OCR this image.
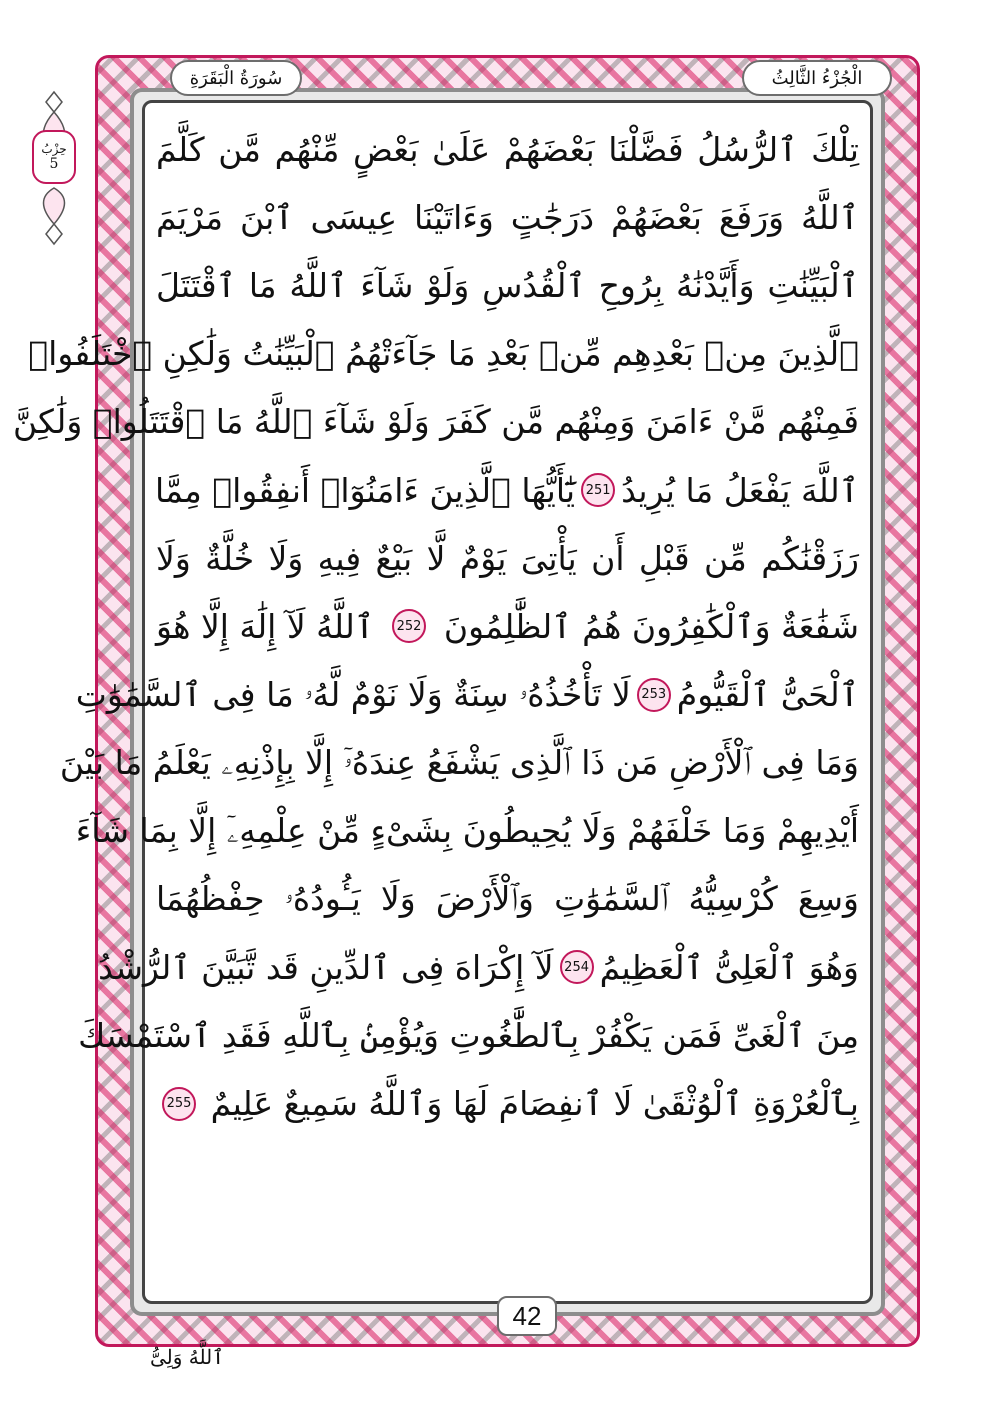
الْجُزْءُ الثَّالِثُ
سُورَةُ الْبَقَرَةِ
حِزْبُ
5	تِلْكَ ٱلرُّسُلُ فَضَّلْنَا بَعْضَهُمْ عَلَىٰ بَعْضٍ مِّنْهُم مَّن كَلَّمَ
ٱللَّهُ وَرَفَعَ بَعْضَهُمْ دَرَجَٰتٍ وَءَاتَيْنَا عِيسَى ٱبْنَ مَرْيَمَ
ٱلْبَيِّنَٰتِ وَأَيَّدْنَٰهُ بِرُوحِ ٱلْقُدُسِ وَلَوْ شَآءَ ٱللَّهُ مَا ٱقْتَتَلَ
ٱلَّذِينَ مِنۢ بَعْدِهِم مِّنۢ بَعْدِ مَا جَآءَتْهُمُ ٱلْبَيِّنَٰتُ وَلَٰكِنِ ٱخْتَلَفُوا۟
فَمِنْهُم مَّنْ ءَامَنَ وَمِنْهُم مَّن كَفَرَ وَلَوْ شَآءَ ٱللَّهُ مَا ٱقْتَتَلُوا۟ وَلَٰكِنَّ
ٱللَّهَ يَفْعَلُ مَا يُرِيدُ
251
يَٰٓأَيُّهَا ٱلَّذِينَ ءَامَنُوٓا۟ أَنفِقُوا۟ مِمَّا
رَزَقْنَٰكُم مِّن قَبْلِ أَن يَأْتِىَ يَوْمٌ لَّا بَيْعٌ فِيهِ وَلَا خُلَّةٌ وَلَا
شَفَٰعَةٌ وَٱلْكَٰفِرُونَ هُمُ ٱلظَّٰلِمُونَ
252
ٱللَّهُ لَآ إِلَٰهَ إِلَّا هُوَ
ٱلْحَىُّ ٱلْقَيُّومُ
253
لَا تَأْخُذُهُۥ سِنَةٌ وَلَا نَوْمٌ لَّهُۥ مَا فِى ٱلسَّمَٰوَٰتِ
وَمَا فِى ٱلْأَرْضِ مَن ذَا ٱلَّذِى يَشْفَعُ عِندَهُۥٓ إِلَّا بِإِذْنِهِۦ يَعْلَمُ مَا بَيْنَ
أَيْدِيهِمْ وَمَا خَلْفَهُمْ وَلَا يُحِيطُونَ بِشَىْءٍ مِّنْ عِلْمِهِۦٓ إِلَّا بِمَا شَآءَ
وَسِعَ كُرْسِيُّهُ ٱلسَّمَٰوَٰتِ وَٱلْأَرْضَ وَلَا يَـُٔودُهُۥ حِفْظُهُمَا
وَهُوَ ٱلْعَلِىُّ ٱلْعَظِيمُ
254
لَآ إِكْرَاهَ فِى ٱلدِّينِ قَد تَّبَيَّنَ ٱلرُّشْدُ
مِنَ ٱلْغَىِّ فَمَن يَكْفُرْ بِٱلطَّٰغُوتِ وَيُؤْمِنۢ بِٱللَّهِ فَقَدِ ٱسْتَمْسَكَ
بِٱلْعُرْوَةِ ٱلْوُثْقَىٰ لَا ٱنفِصَامَ لَهَا وَٱللَّهُ سَمِيعٌ عَلِيمٌ
255
42
ٱللَّهُ وَلِىُّ
